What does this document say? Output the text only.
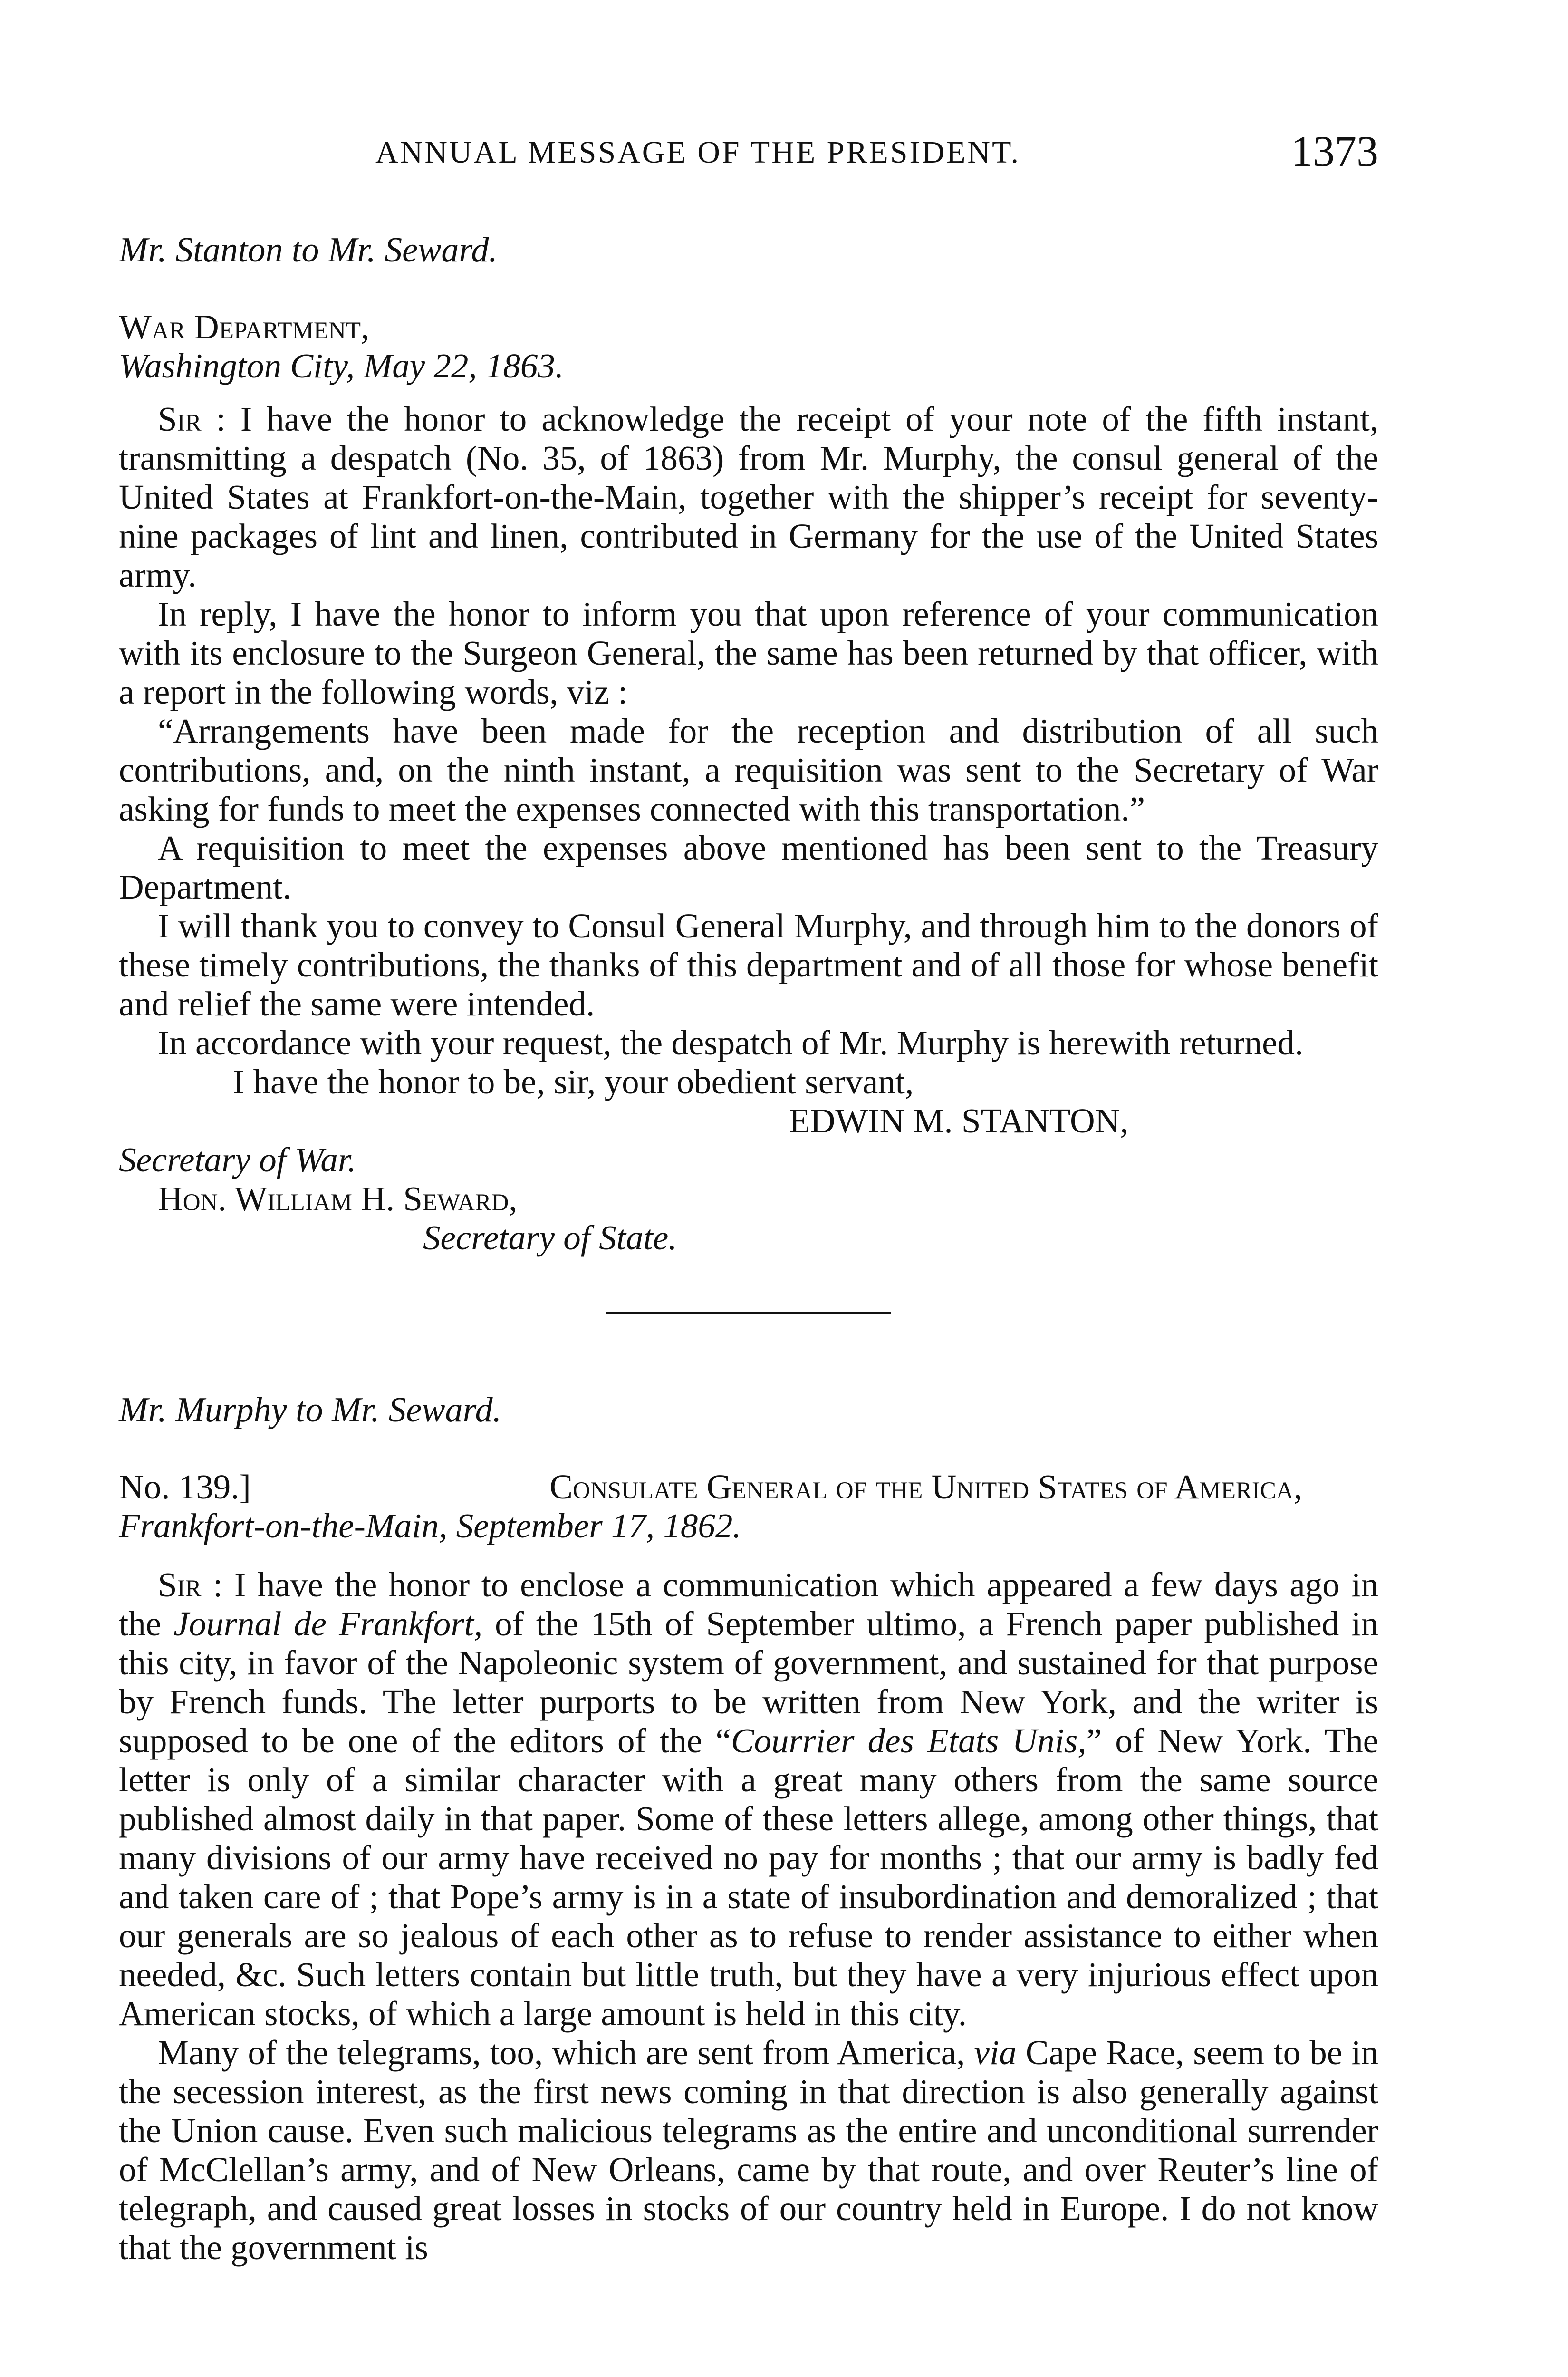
ANNUAL MESSAGE OF THE PRESIDENT.	1373

Mr. Stanton to Mr. Seward.

War Department,

Washington City, May 22, 1863.

Sir : I have the honor to acknowledge the receipt of your note of the fifth instant, transmitting a despatch (No. 35, of 1863) from Mr. Murphy, the consul general of the United States at Frankfort-on-the-Main, together with the shipper’s receipt for seventy-nine packages of lint and linen, contributed in Germany for the use of the United States army.

In reply, I have the honor to inform you that upon reference of your communication with its enclosure to the Surgeon General, the same has been returned by that officer, with a report in the following words, viz :

“Arrangements have been made for the reception and distribution of all such contributions, and, on the ninth instant, a requisition was sent to the Secretary of War asking for funds to meet the expenses connected with this transportation.”

A requisition to meet the expenses above mentioned has been sent to the Treasury Department.

I will thank you to convey to Consul General Murphy, and through him to the donors of these timely contributions, the thanks of this department and of all those for whose benefit and relief the same were intended.

In accordance with your request, the despatch of Mr. Murphy is herewith returned.

I have the honor to be, sir, your obedient servant,

EDWIN M. STANTON,

Secretary of War.

Hon. William H. Seward,

Secretary of State.

Mr. Murphy to Mr. Seward.

No. 139.]	Consulate General of the United States of America,

Frankfort-on-the-Main, September 17, 1862.

Sir : I have the honor to enclose a communication which appeared a few days ago in the Journal de Frankfort, of the 15th of September ultimo, a French paper published in this city, in favor of the Napoleonic system of government, and sustained for that purpose by French funds. The letter purports to be written from New York, and the writer is supposed to be one of the editors of the “Courrier des Etats Unis,” of New York. The letter is only of a similar character with a great many others from the same source published almost daily in that paper. Some of these letters allege, among other things, that many divisions of our army have received no pay for months ; that our army is badly fed and taken care of ; that Pope’s army is in a state of insubordination and demoralized ; that our generals are so jealous of each other as to refuse to render assistance to either when needed, &c. Such letters contain but little truth, but they have a very injurious effect upon American stocks, of which a large amount is held in this city.

Many of the telegrams, too, which are sent from America, via Cape Race, seem to be in the secession interest, as the first news coming in that direction is also generally against the Union cause. Even such malicious telegrams as the entire and unconditional surrender of McClellan’s army, and of New Orleans, came by that route, and over Reuter’s line of telegraph, and caused great losses in stocks of our country held in Europe. I do not know that the government is
